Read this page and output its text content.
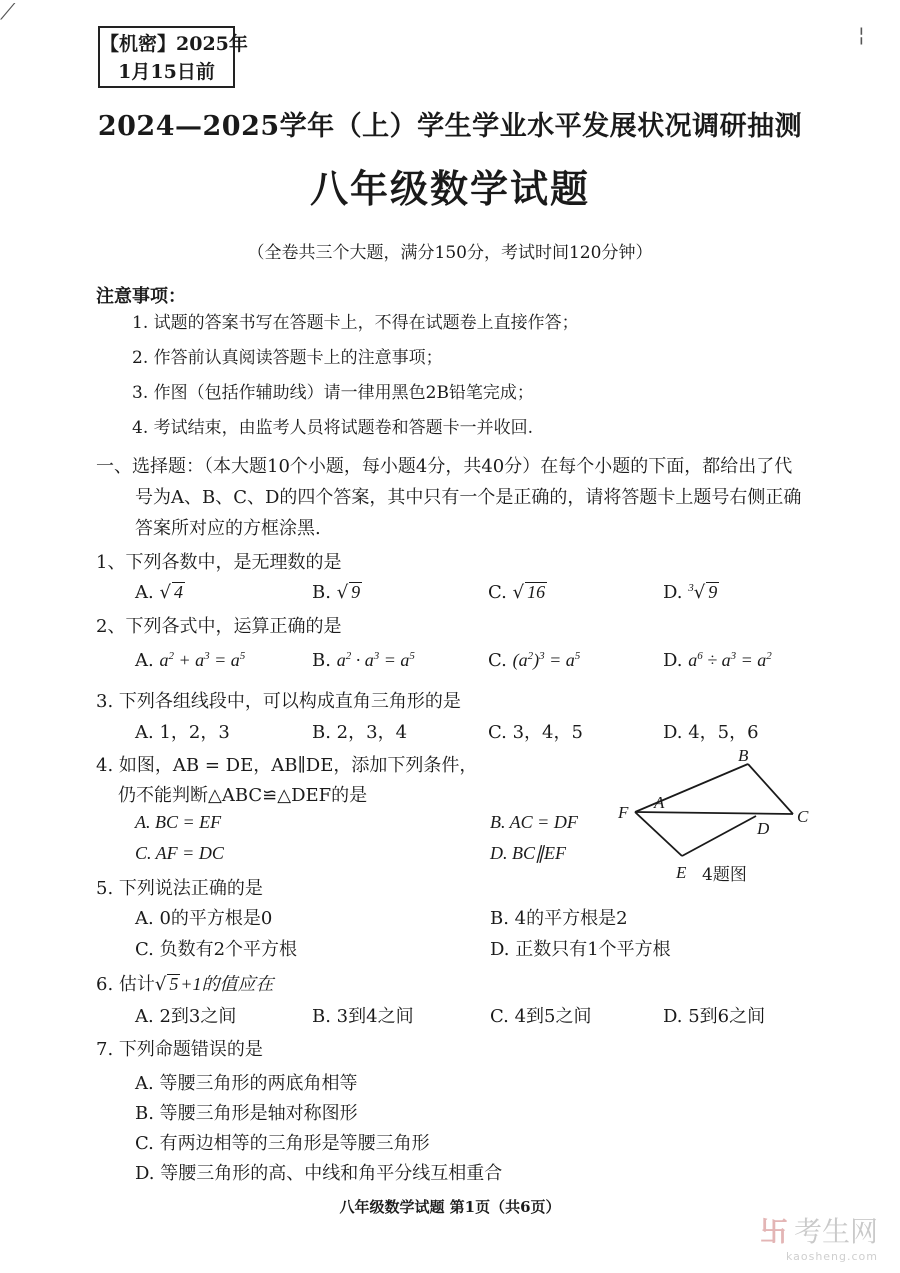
⟋
¦
【机密】2025年
1月15日前
2024—2025学年（上）学生学业水平发展状况调研抽测
八年级数学试题
（全卷共三个大题，满分150分，考试时间120分钟）
注意事项：
1. 试题的答案书写在答题卡上，不得在试题卷上直接作答；
2. 作答前认真阅读答题卡上的注意事项；
3. 作图（包括作辅助线）请一律用黑色2B铅笔完成；
4. 考试结束，由监考人员将试题卷和答题卡一并收回.
一、选择题：（本大题10个小题，每小题4分，共40分）在每个小题的下面，都给出了代
号为A、B、C、D的四个答案，其中只有一个是正确的，请将答题卡上题号右侧正确
答案所对应的方框涂黑.
1、下列各数中，是无理数的是
A. √ 4	B. √ 9	C. √ 16	D. $^3$√ 9
2、下列各式中，运算正确的是
A. $a^2 + a^3 = a^5$	B. $a^2 \cdot a^3 = a^5$	C. $(a^2)^3 = a^5$	D. $a^6 \div a^3 = a^2$
3. 下列各组线段中，可以构成直角三角形的是
A. 1，2，3	B. 2，3，4	C. 3，4，5	D. 4，5，6
4. 如图，AB = DE，AB∥DE，添加下列条件，
仍不能判断△ABC≌△DEF的是
A. BC = EF	B. AC = DF
C. AF = DC	D. BC∥EF
B
A
F	C
D
E 4题图
5. 下列说法正确的是
A. 0的平方根是0	B. 4的平方根是2
C. 负数有2个平方根	D. 正数只有1个平方根
6. 估计√ 5 +1的值应在
A. 2到3之间	B. 3到4之间	C. 4到5之间	D. 5到6之间
7. 下列命题错误的是
A. 等腰三角形的两底角相等
B. 等腰三角形是轴对称图形
C. 有两边相等的三角形是等腰三角形
D. 等腰三角形的高、中线和角平分线互相重合
八年级数学试题 第1页（共6页）
卐 考生网
kaosheng.com
